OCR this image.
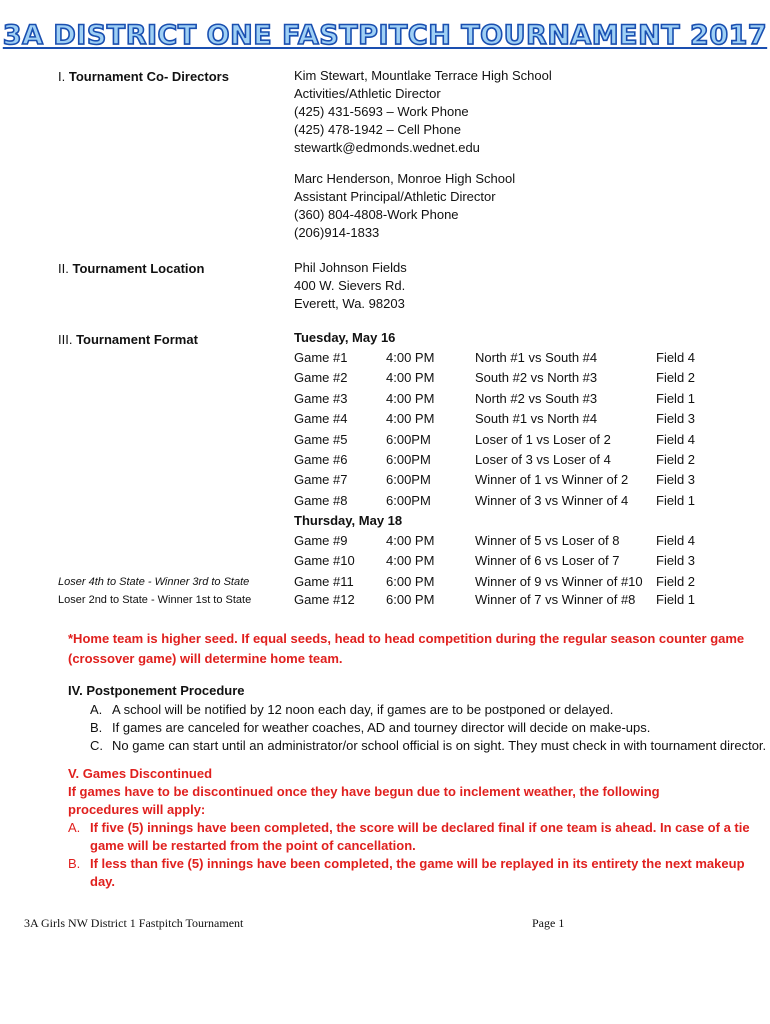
3A DISTRICT ONE FASTPITCH TOURNAMENT 2017
I. Tournament Co- Directors	Kim Stewart, Mountlake Terrace High School
Activities/Athletic Director
(425) 431-5693 – Work Phone
(425) 478-1942 – Cell Phone
stewartk@edmonds.wednet.edu
Marc Henderson, Monroe High School
Assistant Principal/Athletic Director
(360) 804-4808-Work Phone
(206)914-1833
II. Tournament Location	Phil Johnson Fields
400 W. Sievers Rd.
Everett, Wa. 98203
III. Tournament Format	Tuesday, May 16
Game #1	4:00 PM	North #1 vs South #4	Field 4
Game #2	4:00 PM	South #2 vs North #3	Field 2
Game #3	4:00 PM	North #2 vs South #3	Field 1
Game #4	4:00 PM	South #1 vs North #4	Field 3
Game #5	6:00PM	Loser of 1 vs Loser of 2	Field 4
Game #6	6:00PM	Loser of 3 vs Loser of 4	Field 2
Game #7	6:00PM	Winner of 1 vs Winner of 2 Field 3
Game #8	6:00PM	Winner of 3 vs Winner of 4 Field 1
Thursday, May 18
Game #9	4:00 PM	Winner of 5 vs Loser of 8	Field 4
Game #10 4:00 PM	Winner of 6 vs Loser of 7	Field 3
Game #11 6:00 PM	Winner of 9 vs Winner of #10 Field 2
Game #12 6:00 PM	Winner of 7 vs Winner of #8 Field 1
Loser 4th to State - Winner 3rd to State
Loser 2nd to State - Winner 1st to State
*Home team is higher seed. If equal seeds, head to head competition during the regular season counter game (crossover game) will determine home team.
IV. Postponement Procedure
A. A school will be notified by 12 noon each day, if games are to be postponed or delayed.
B. If games are canceled for weather coaches, AD and tourney director will decide on make-ups.
C. No game can start until an administrator/or school official is on sight. They must check in with tournament director.
V. Games Discontinued
If games have to be discontinued once they have begun due to inclement weather, the following procedures will apply:
A. If five (5) innings have been completed, the score will be declared final if one team is ahead. In case of a tie game will be restarted from the point of cancellation.
B. If less than five (5) innings have been completed, the game will be replayed in its entirety the next makeup day.
3A Girls NW District 1 Fastpitch Tournament	Page 1
